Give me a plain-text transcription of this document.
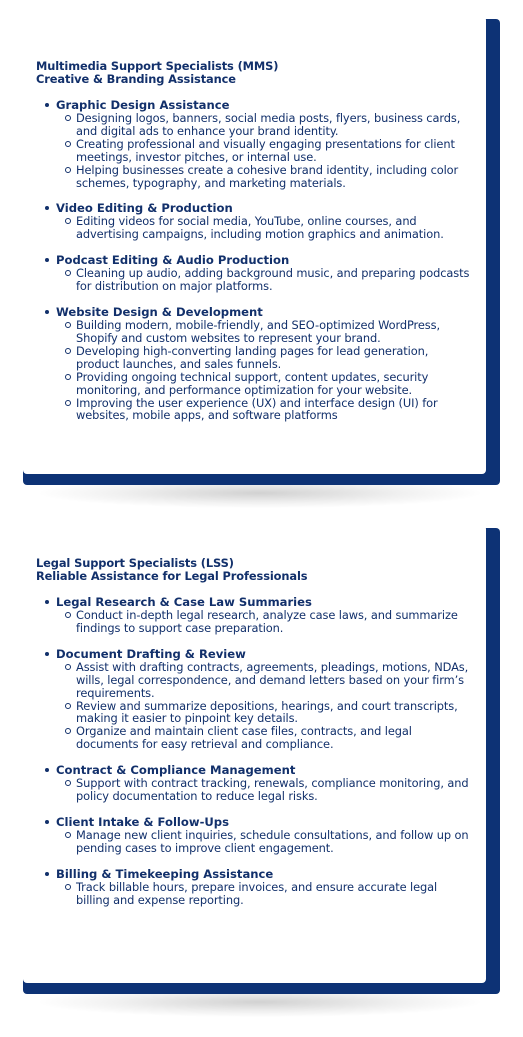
Multimedia Support Specialists (MMS)
Creative & Branding Assistance
Graphic Design Assistance
Designing logos, banners, social media posts, flyers, business cards, and digital ads to enhance your brand identity.
Creating professional and visually engaging presentations for client meetings, investor pitches, or internal use.
Helping businesses create a cohesive brand identity, including color schemes, typography, and marketing materials.
Video Editing & Production
Editing videos for social media, YouTube, online courses, and advertising campaigns, including motion graphics and animation.
Podcast Editing & Audio Production
Cleaning up audio, adding background music, and preparing podcasts for distribution on major platforms.
Website Design & Development
Building modern, mobile-friendly, and SEO-optimized WordPress, Shopify and custom websites to represent your brand.
Developing high-converting landing pages for lead generation, product launches, and sales funnels.
Providing ongoing technical support, content updates, security monitoring, and performance optimization for your website.
Improving the user experience (UX) and interface design (UI) for websites, mobile apps, and software platforms
Legal Support Specialists (LSS)
Reliable Assistance for Legal Professionals
Legal Research & Case Law Summaries
Conduct in-depth legal research, analyze case laws, and summarize findings to support case preparation.
Document Drafting & Review
Assist with drafting contracts, agreements, pleadings, motions, NDAs, wills, legal correspondence, and demand letters based on your firm’s requirements.
Review and summarize depositions, hearings, and court transcripts, making it easier to pinpoint key details.
Organize and maintain client case files, contracts, and legal documents for easy retrieval and compliance.
Contract & Compliance Management
Support with contract tracking, renewals, compliance monitoring, and policy documentation to reduce legal risks.
Client Intake & Follow-Ups
Manage new client inquiries, schedule consultations, and follow up on pending cases to improve client engagement.
Billing & Timekeeping Assistance
Track billable hours, prepare invoices, and ensure accurate legal billing and expense reporting.
